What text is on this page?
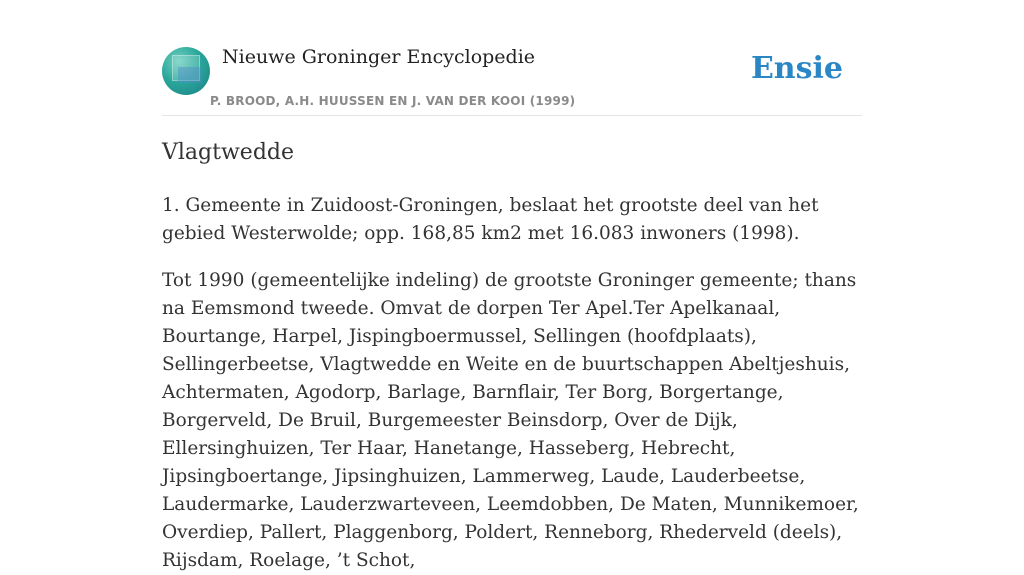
Nieuwe Groninger Encyclopedie
P. BROOD, A.H. HUUSSEN EN J. VAN DER KOOI (1999)
Ensie
Vlagtwedde

1. Gemeente in Zuidoost-Groningen, beslaat het grootste deel van het gebied Westerwolde; opp. 168,85 km2 met 16.083 inwoners (1998).

Tot 1990 (gemeentelijke indeling) de grootste Groninger gemeente; thans na Eemsmond tweede. Omvat de dorpen Ter Apel.Ter Apelkanaal, Bourtange, Harpel, Jispingboermussel, Sellingen (hoofdplaats), Sellingerbeetse, Vlagtwedde en Weite en de buurtschappen Abeltjeshuis, Achtermaten, Agodorp, Barlage, Barnflair, Ter Borg, Borgertange, Borgerveld, De Bruil, Burgemeester Beinsdorp, Over de Dijk, Ellersinghuizen, Ter Haar, Hanetange, Hasseberg, Hebrecht, Jipsingboertange, Jipsinghuizen, Lammerweg, Laude, Lauderbeetse, Laudermarke, Lauderzwarteveen, Leemdobben, De Maten, Munnikemoer, Overdiep, Pallert, Plaggenborg, Poldert, Renneborg, Rhederveld (deels), Rijsdam, Roelage, ’t Schot,
